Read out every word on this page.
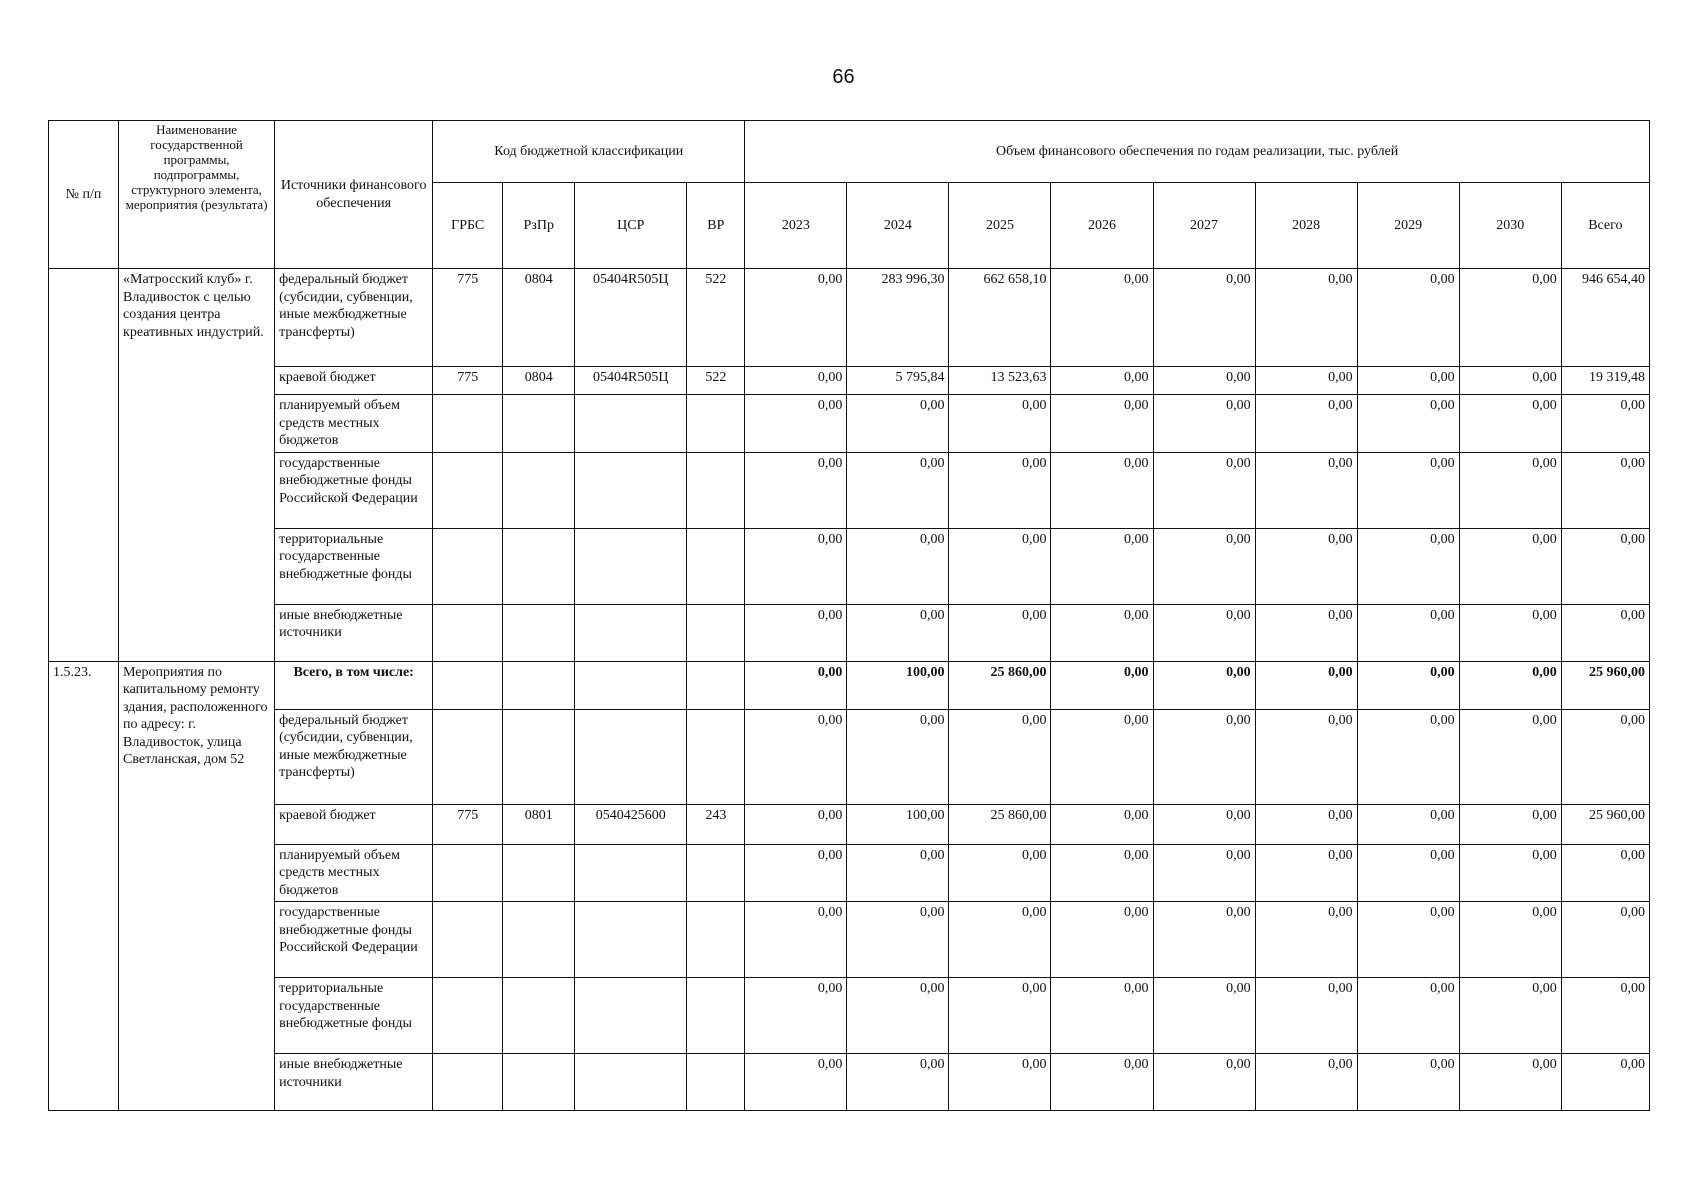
66
№ п/п	Наименование государственной программы, подпрограммы, структурного элемента, мероприятия (результата)	Источники финансового обеспечения	Код бюджетной классификации				Объем финансового обеспечения по годам реализации, тыс. рублей								
			ГРБС	РзПр	ЦСР	ВР	2023	2024	2025	2026	2027	2028	2029	2030	Всего
	«Матросский клуб» г. Владивосток с целью создания центра креативных индустрий.	федеральный бюджет (субсидии, субвенции, иные межбюджетные трансферты)	775	0804	05404R505Ц	522	0,00	283 996,30	662 658,10	0,00	0,00	0,00	0,00	0,00	946 654,40
		краевой бюджет	775	0804	05404R505Ц	522	0,00	5 795,84	13 523,63	0,00	0,00	0,00	0,00	0,00	19 319,48
		планируемый объем средств местных бюджетов					0,00	0,00	0,00	0,00	0,00	0,00	0,00	0,00	0,00
		государственные внебюджетные фонды Российской Федерации					0,00	0,00	0,00	0,00	0,00	0,00	0,00	0,00	0,00
		территориальные государственные внебюджетные фонды					0,00	0,00	0,00	0,00	0,00	0,00	0,00	0,00	0,00
		иные внебюджетные источники					0,00	0,00	0,00	0,00	0,00	0,00	0,00	0,00	0,00
1.5.23.	Мероприятия по капитальному ремонту здания, расположенного по адресу: г. Владивосток, улица Светланская, дом 52	Всего, в том числе:					0,00	100,00	25 860,00	0,00	0,00	0,00	0,00	0,00	25 960,00
		федеральный бюджет (субсидии, субвенции, иные межбюджетные трансферты)					0,00	0,00	0,00	0,00	0,00	0,00	0,00	0,00	0,00
		краевой бюджет	775	0801	0540425600	243	0,00	100,00	25 860,00	0,00	0,00	0,00	0,00	0,00	25 960,00
		планируемый объем средств местных бюджетов					0,00	0,00	0,00	0,00	0,00	0,00	0,00	0,00	0,00
		государственные внебюджетные фонды Российской Федерации					0,00	0,00	0,00	0,00	0,00	0,00	0,00	0,00	0,00
		территориальные государственные внебюджетные фонды					0,00	0,00	0,00	0,00	0,00	0,00	0,00	0,00	0,00
		иные внебюджетные источники					0,00	0,00	0,00	0,00	0,00	0,00	0,00	0,00	0,00
